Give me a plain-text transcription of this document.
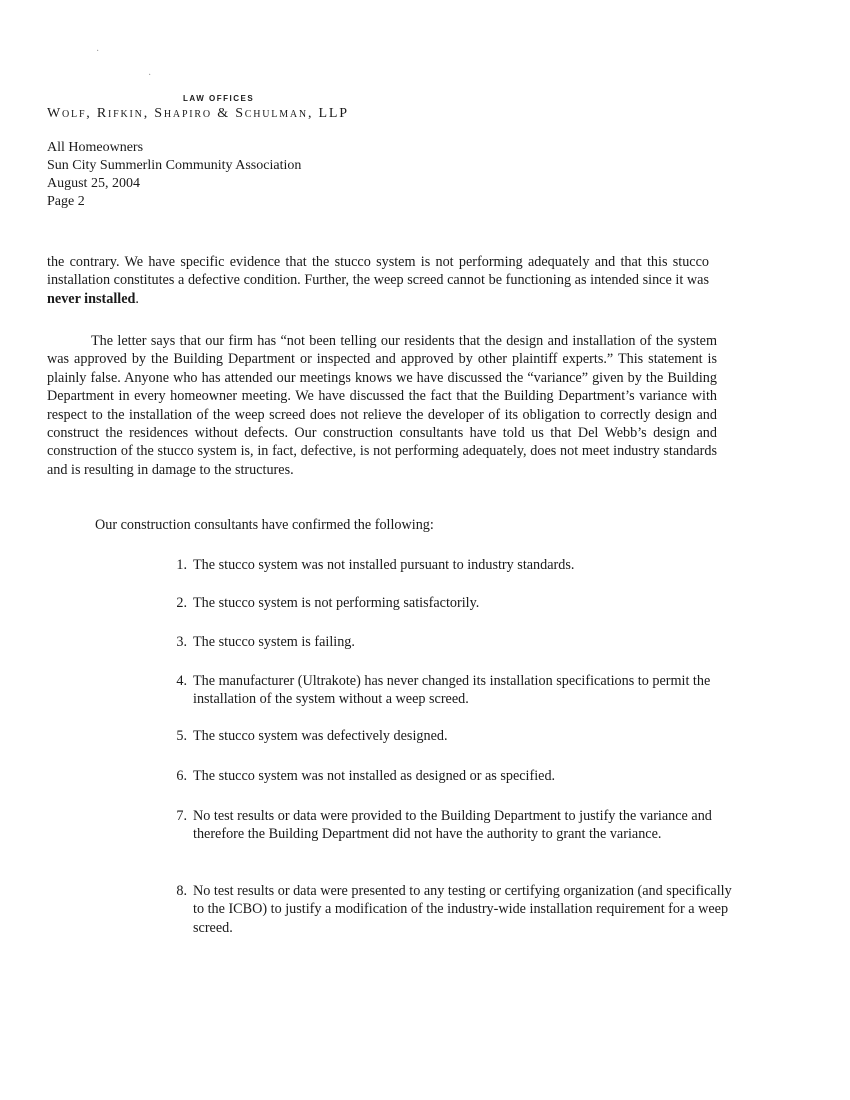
·
·
LAW OFFICES
Wolf, Rifkin, Shapiro & Schulman, LLP
All Homeowners
Sun City Summerlin Community Association
August 25, 2004
Page 2
the contrary. We have specific evidence that the stucco system is not performing adequately and that this stucco installation constitutes a defective condition. Further, the weep screed cannot be functioning as intended since it was never installed.
The letter says that our firm has “not been telling our residents that the design and installation of the system was approved by the Building Department or inspected and approved by other plaintiff experts.” This statement is plainly false. Anyone who has attended our meetings knows we have discussed the “variance” given by the Building Department in every homeowner meeting. We have discussed the fact that the Building Department’s variance with respect to the installation of the weep screed does not relieve the developer of its obligation to correctly design and construct the residences without defects. Our construction consultants have told us that Del Webb’s design and construction of the stucco system is, in fact, defective, is not performing adequately, does not meet industry standards and is resulting in damage to the structures.
Our construction consultants have confirmed the following:
1. The stucco system was not installed pursuant to industry standards.
2. The stucco system is not performing satisfactorily.
3. The stucco system is failing.
4. The manufacturer (Ultrakote) has never changed its installation specifications to permit the installation of the system without a weep screed.
5. The stucco system was defectively designed.
6. The stucco system was not installed as designed or as specified.
7. No test results or data were provided to the Building Department to justify the variance and therefore the Building Department did not have the authority to grant the variance.
8. No test results or data were presented to any testing or certifying organization (and specifically to the ICBO) to justify a modification of the industry-wide installation requirement for a weep screed.
